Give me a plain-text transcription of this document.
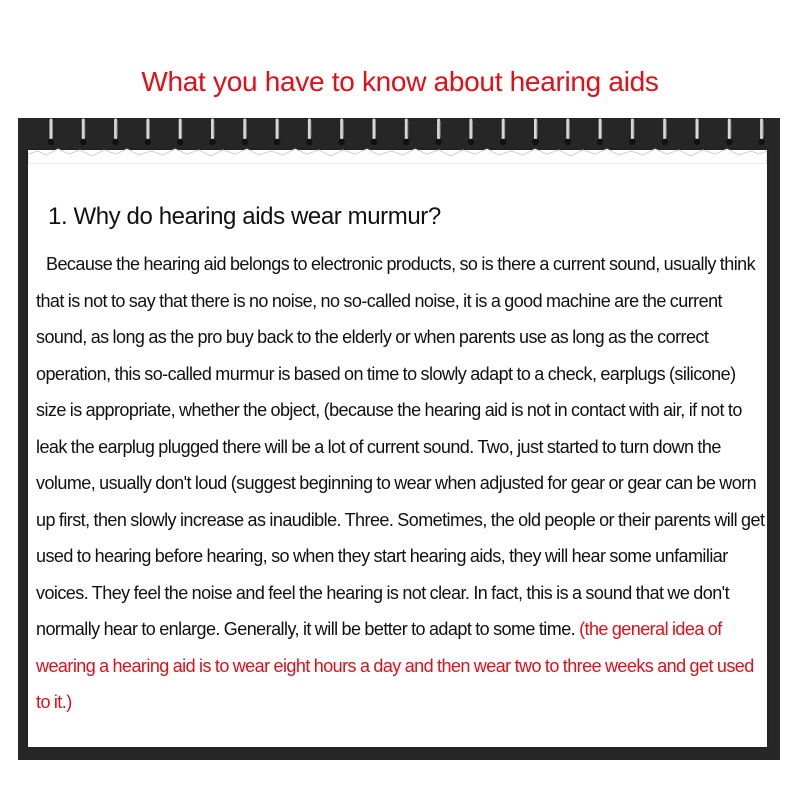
What you have to know about hearing aids
1. Why do hearing aids wear murmur?

Because the hearing aid belongs to electronic products, so is there a current sound, usually think that is not to say that there is no noise, no so-called noise, it is a good machine are the current sound, as long as the pro buy back to the elderly or when parents use as long as the correct operation, this so-called murmur is based on time to slowly adapt to a check, earplugs (silicone) size is appropriate, whether the object, (because the hearing aid is not in contact with air, if not to leak the earplug plugged there will be a lot of current sound. Two, just started to turn down the volume, usually don't loud (suggest beginning to wear when adjusted for gear or gear can be worn up first, then slowly increase as inaudible. Three. Sometimes, the old people or their parents will get used to hearing before hearing, so when they start hearing aids, they will hear some unfamiliar voices. They feel the noise and feel the hearing is not clear. In fact, this is a sound that we don't normally hear to enlarge. Generally, it will be better to adapt to some time. (the general idea of wearing a hearing aid is to wear eight hours a day and then wear two to three weeks and get used to it.)
